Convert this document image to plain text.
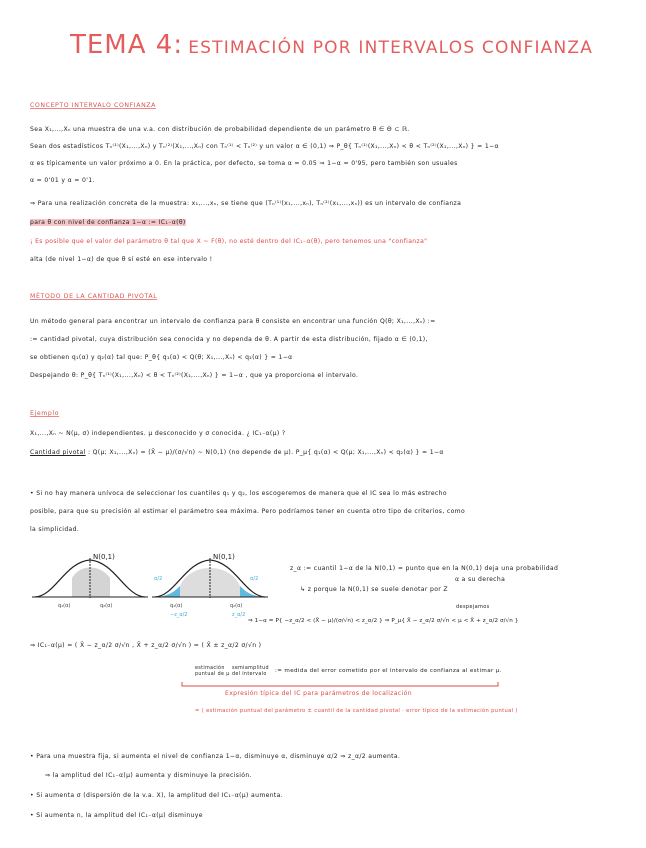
TEMA 4: ESTIMACIÓN POR INTERVALOS CONFIANZA
CONCEPTO INTERVALO CONFIANZA
Sea X₁,...,Xₙ una muestra de una v.a. con distribución de probabilidad dependiente de un parámetro θ ∈ Θ ⊂ ℝ.
Sean dos estadísticos Tₙ⁽¹⁾(X₁,...,Xₙ) y Tₙ⁽²⁾(X₁,...,Xₙ) con Tₙ⁽¹⁾ < Tₙ⁽²⁾ y un valor α ∈ (0,1) ⇒ P_θ{ Tₙ⁽¹⁾(X₁,...,Xₙ) < θ < Tₙ⁽²⁾(X₁,...,Xₙ) } = 1−α
α es típicamente un valor próximo a 0. En la práctica, por defecto, se toma α = 0.05 ⇒ 1−α = 0'95, pero también son usuales
α = 0'01 y α = 0'1.
⇒ Para una realización concreta de la muestra: x₁,...,xₙ, se tiene que (Tₙ⁽¹⁾(x₁,...,xₙ), Tₙ⁽²⁾(x₁,...,xₙ)) es un intervalo de confianza
para θ con nivel de confianza 1−α := IC₁₋α(θ)
¡ Es posible que el valor del parámetro θ tal que X ~ F(θ), no esté dentro del IC₁₋α(θ), pero tenemos una "confianza"
alta (de nivel 1−α) de que θ sí esté en ese intervalo !
MÉTODO DE LA CANTIDAD PIVOTAL
Un método general para encontrar un intervalo de confianza para θ consiste en encontrar una función Q(θ; X₁,...,Xₙ) :=
:= cantidad pivotal, cuya distribución sea conocida y no dependa de θ. A partir de esta distribución, fijado α ∈ (0,1),
se obtienen q₁(α) y q₂(α) tal que: P_θ{ q₁(α) < Q(θ; X₁,...,Xₙ) < q₂(α) } = 1−α
Despejando θ: P_θ{ Tₙ⁽¹⁾(X₁,...,Xₙ) < θ < Tₙ⁽²⁾(X₁,...,Xₙ) } = 1−α , que ya proporciona el intervalo.
Ejemplo
X₁,...,Xₙ ~ N(μ, σ) independientes. μ desconocido y σ conocida. ¿ IC₁₋α(μ) ?
Cantidad pivotal : Q(μ; X₁,...,Xₙ) = (X̄ − μ)/(σ/√n) ~ N(0,1) (no depende de μ). P_μ{ q₁(α) < Q(μ; X₁,...,Xₙ) < q₂(α) } = 1−α
• Si no hay manera unívoca de seleccionar los cuantiles q₁ y q₂, los escogeremos de manera que el IC sea lo más estrecho
posible, para que su precisión al estimar el parámetro sea máxima. Pero podríamos tener en cuenta otro tipo de criterios, como
la simplicidad.
N(0,1)
q₁(α)	q₂(α)
N(0,1)
α/2	α/2
q₁(α)	q₂(α)
−z_α/2	z_α/2
z_α := cuantil 1−α de la N(0,1) = punto que en la N(0,1) deja una probabilidad
α a su derecha
↳ z porque la N(0,1) se suele denotar por Z
despejamos
⇒ 1−α = P{ −z_α/2 < (X̄ − μ)/(σ/√n) < z_α/2 } ⇒ P_μ{ X̄ − z_α/2 σ/√n < μ < X̄ + z_α/2 σ/√n }
⇒ IC₁₋α(μ) = ( X̄ − z_α/2 σ/√n , X̄ + z_α/2 σ/√n ) = ( X̄ ± z_α/2 σ/√n )
estimación puntual de μ
semiamplitud del intervalo
:= medida del error cometido por el intervalo de confianza al estimar μ.
Expresión típica del IC para parámetros de localización
= ( estimación puntual del parámetro ± cuantil de la cantidad pivotal · error típico de la estimación puntual )
• Para una muestra fija, si aumenta el nivel de confianza 1−α, disminuye α, disminuye α/2 ⇒ z_α/2 aumenta.
⇒ la amplitud del IC₁₋α(μ) aumenta y disminuye la precisión.
• Si aumenta σ (dispersión de la v.a. X), la amplitud del IC₁₋α(μ) aumenta.
• Si aumenta n, la amplitud del IC₁₋α(μ) disminuye
